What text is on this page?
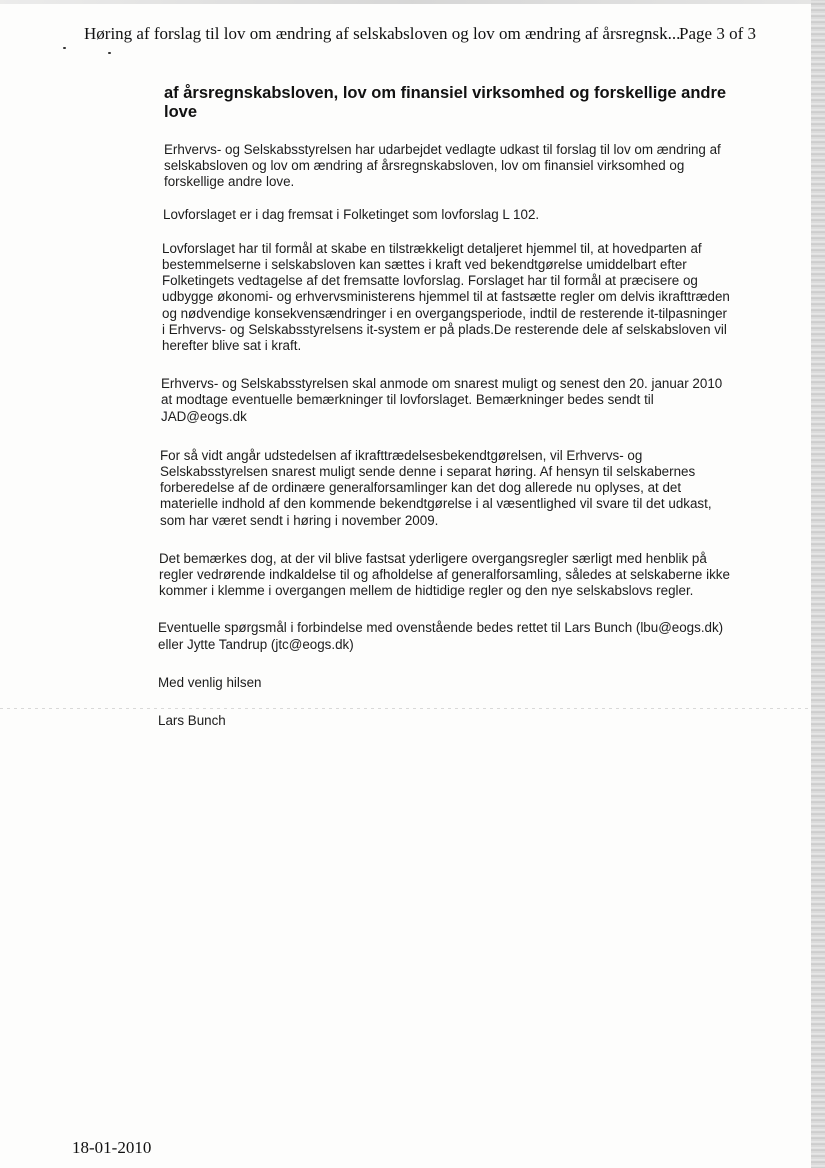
Høring af forslag til lov om ændring af selskabsloven og lov om ændring af årsregnsk...
Page 3 of 3
af årsregnskabsloven, lov om finansiel virksomhed og forskellige andre love
Erhvervs- og Selskabsstyrelsen har udarbejdet vedlagte udkast til forslag til lov om ændring af
selskabsloven og lov om ændring af årsregnskabsloven, lov om finansiel virksomhed og
forskellige andre love.
Lovforslaget er i dag fremsat i Folketinget som lovforslag L 102.
Lovforslaget har til formål at skabe en tilstrækkeligt detaljeret hjemmel til, at hovedparten af
bestemmelserne i selskabsloven kan sættes i kraft ved bekendtgørelse umiddelbart efter
Folketingets vedtagelse af det fremsatte lovforslag. Forslaget har til formål at præcisere og
udbygge økonomi- og erhvervsministerens hjemmel til at fastsætte regler om delvis ikrafttræden
og nødvendige konsekvensændringer i en overgangsperiode, indtil de resterende it-tilpasninger
i Erhvervs- og Selskabsstyrelsens it-system er på plads.De resterende dele af selskabsloven vil
herefter blive sat i kraft.
Erhvervs- og Selskabsstyrelsen skal anmode om snarest muligt og senest den 20. januar 2010
at modtage eventuelle bemærkninger til lovforslaget. Bemærkninger bedes sendt til
JAD@eogs.dk
For så vidt angår udstedelsen af ikrafttrædelsesbekendtgørelsen, vil Erhvervs- og
Selskabsstyrelsen snarest muligt sende denne i separat høring. Af hensyn til selskabernes
forberedelse af de ordinære generalforsamlinger kan det dog allerede nu oplyses, at det
materielle indhold af den kommende bekendtgørelse i al væsentlighed vil svare til det udkast,
som har været sendt i høring i november 2009.
Det bemærkes dog, at der vil blive fastsat yderligere overgangsregler særligt med henblik på
regler vedrørende indkaldelse til og afholdelse af generalforsamling, således at selskaberne ikke
kommer i klemme i overgangen mellem de hidtidige regler og den nye selskabslovs regler.
Eventuelle spørgsmål i forbindelse med ovenstående bedes rettet til Lars Bunch (lbu@eogs.dk)
eller Jytte Tandrup (jtc@eogs.dk)
Med venlig hilsen
Lars Bunch
18-01-2010
